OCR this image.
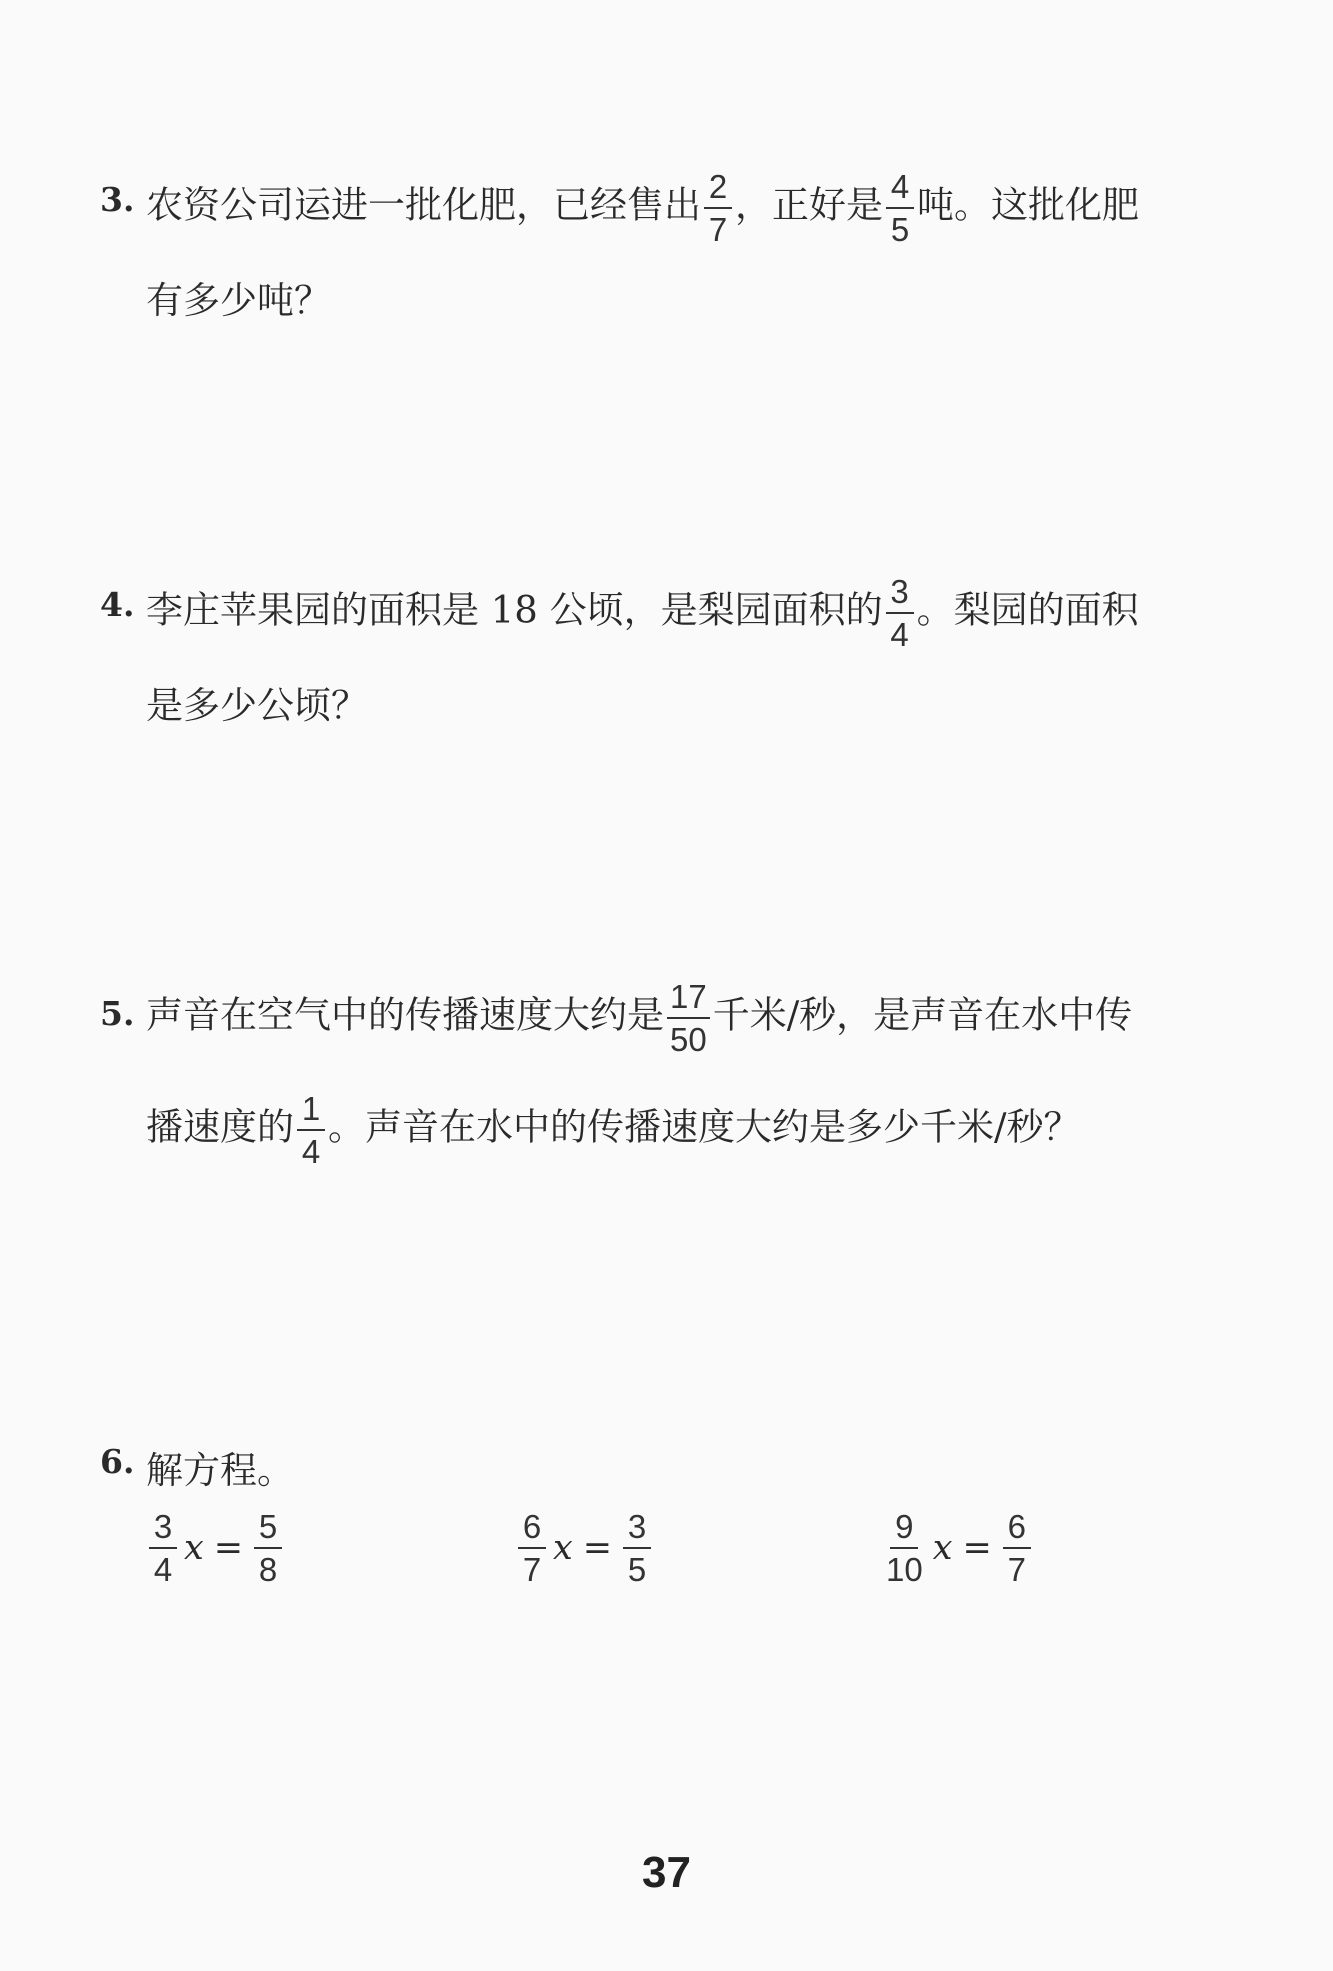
3. 农资公司运进一批化肥，已经售出 $\frac{2}{7}$ ，正好是 $\frac{4}{5}$ 吨。这批化肥
有多少吨？
4. 李庄苹果园的面积是 18 公顷，是梨园面积的 $\frac{3}{4}$ 。梨园的面积
是多少公顷？
5. 声音在空气中的传播速度大约是 $\frac{17}{50}$ 千米/秒，是声音在水中传
播速度的 $\frac{1}{4}$ 。声音在水中的传播速度大约是多少千米/秒？
6. 解方程。
$\frac{3}{4}$ $x = \frac{5}{8}$	$\frac{6}{7}$ $x = \frac{3}{5}$	$\frac{9}{10}$ $x = \frac{6}{7}$
37
